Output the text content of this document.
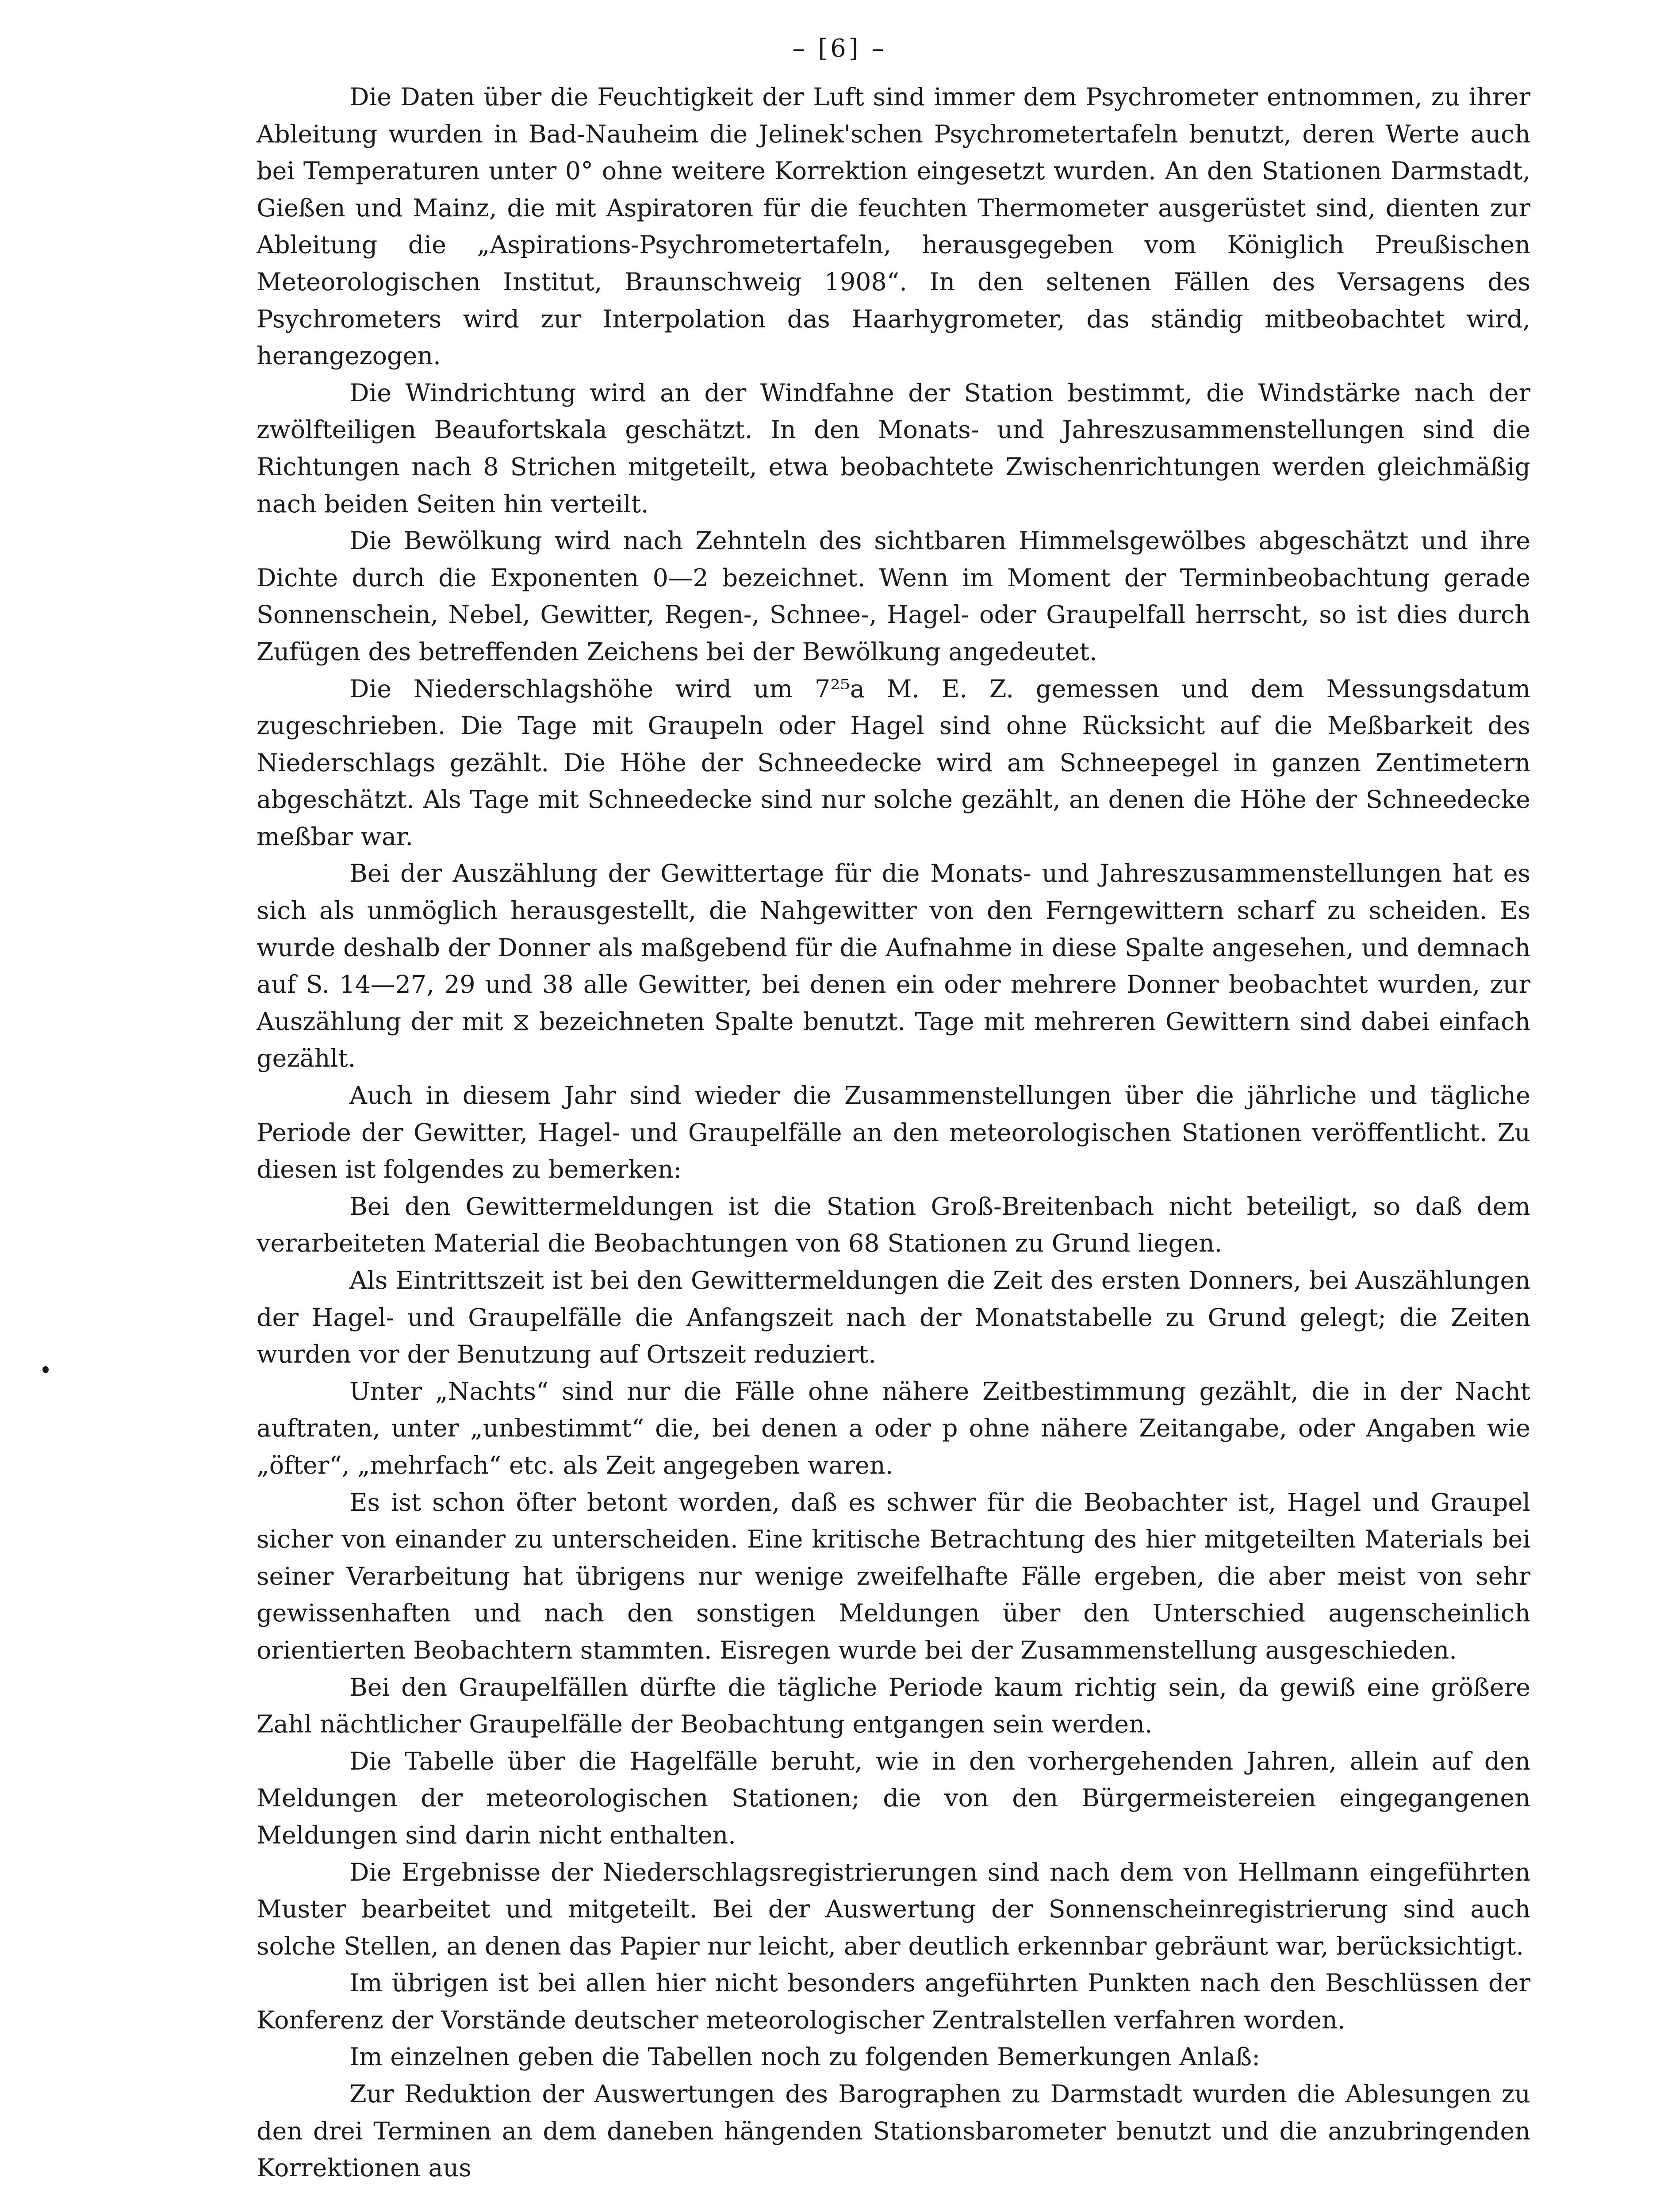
– [6] –

Die Daten über die Feuchtigkeit der Luft sind immer dem Psychrometer entnommen, zu ihrer Ableitung wurden in Bad-Nauheim die Jelinek'schen Psychrometertafeln benutzt, deren Werte auch bei Temperaturen unter 0° ohne weitere Korrektion eingesetzt wurden. An den Stationen Darmstadt, Gießen und Mainz, die mit Aspiratoren für die feuchten Thermometer ausgerüstet sind, dienten zur Ableitung die „Aspirations-Psychrometertafeln, herausgegeben vom Königlich Preußischen Meteorologischen Institut, Braunschweig 1908“. In den seltenen Fällen des Versagens des Psychrometers wird zur Interpolation das Haarhygrometer, das ständig mitbeobachtet wird, herangezogen.

Die Windrichtung wird an der Windfahne der Station bestimmt, die Windstärke nach der zwölfteiligen Beaufortskala geschätzt. In den Monats- und Jahreszusammenstellungen sind die Richtungen nach 8 Strichen mitgeteilt, etwa beobachtete Zwischenrichtungen werden gleichmäßig nach beiden Seiten hin verteilt.

Die Bewölkung wird nach Zehnteln des sichtbaren Himmelsgewölbes abgeschätzt und ihre Dichte durch die Exponenten 0—2 bezeichnet. Wenn im Moment der Terminbeobachtung gerade Sonnenschein, Nebel, Gewitter, Regen-, Schnee-, Hagel- oder Graupelfall herrscht, so ist dies durch Zufügen des betreffenden Zeichens bei der Bewölkung angedeutet.

Die Niederschlagshöhe wird um 7²⁵a M. E. Z. gemessen und dem Messungsdatum zugeschrieben. Die Tage mit Graupeln oder Hagel sind ohne Rücksicht auf die Meßbarkeit des Niederschlags gezählt. Die Höhe der Schneedecke wird am Schneepegel in ganzen Zentimetern abgeschätzt. Als Tage mit Schneedecke sind nur solche gezählt, an denen die Höhe der Schneedecke meßbar war.

Bei der Auszählung der Gewittertage für die Monats- und Jahreszusammenstellungen hat es sich als unmöglich herausgestellt, die Nahgewitter von den Ferngewittern scharf zu scheiden. Es wurde deshalb der Donner als maßgebend für die Aufnahme in diese Spalte angesehen, und demnach auf S. 14—27, 29 und 38 alle Gewitter, bei denen ein oder mehrere Donner beobachtet wurden, zur Auszählung der mit ⧖ bezeichneten Spalte benutzt. Tage mit mehreren Gewittern sind dabei einfach gezählt.

Auch in diesem Jahr sind wieder die Zusammenstellungen über die jährliche und tägliche Periode der Gewitter, Hagel- und Graupelfälle an den meteorologischen Stationen veröffentlicht. Zu diesen ist folgendes zu bemerken:

Bei den Gewittermeldungen ist die Station Groß-Breitenbach nicht beteiligt, so daß dem verarbeiteten Material die Beobachtungen von 68 Stationen zu Grund liegen.

Als Eintrittszeit ist bei den Gewittermeldungen die Zeit des ersten Donners, bei Auszählungen der Hagel- und Graupelfälle die Anfangszeit nach der Monatstabelle zu Grund gelegt; die Zeiten wurden vor der Benutzung auf Ortszeit reduziert.

Unter „Nachts“ sind nur die Fälle ohne nähere Zeitbestimmung gezählt, die in der Nacht auftraten, unter „unbestimmt“ die, bei denen a oder p ohne nähere Zeitangabe, oder Angaben wie „öfter“, „mehrfach“ etc. als Zeit angegeben waren.

Es ist schon öfter betont worden, daß es schwer für die Beobachter ist, Hagel und Graupel sicher von einander zu unterscheiden. Eine kritische Betrachtung des hier mitgeteilten Materials bei seiner Verarbeitung hat übrigens nur wenige zweifelhafte Fälle ergeben, die aber meist von sehr gewissenhaften und nach den sonstigen Meldungen über den Unterschied augenscheinlich orientierten Beobachtern stammten. Eisregen wurde bei der Zusammenstellung ausgeschieden.

Bei den Graupelfällen dürfte die tägliche Periode kaum richtig sein, da gewiß eine größere Zahl nächtlicher Graupelfälle der Beobachtung entgangen sein werden.

Die Tabelle über die Hagelfälle beruht, wie in den vorhergehenden Jahren, allein auf den Meldungen der meteorologischen Stationen; die von den Bürgermeistereien eingegangenen Meldungen sind darin nicht enthalten.

Die Ergebnisse der Niederschlagsregistrierungen sind nach dem von Hellmann eingeführten Muster bearbeitet und mitgeteilt. Bei der Auswertung der Sonnenscheinregistrierung sind auch solche Stellen, an denen das Papier nur leicht, aber deutlich erkennbar gebräunt war, berücksichtigt.

Im übrigen ist bei allen hier nicht besonders angeführten Punkten nach den Beschlüssen der Konferenz der Vorstände deutscher meteorologischer Zentralstellen verfahren worden.

Im einzelnen geben die Tabellen noch zu folgenden Bemerkungen Anlaß:

Zur Reduktion der Auswertungen des Barographen zu Darmstadt wurden die Ablesungen zu den drei Terminen an dem daneben hängenden Stationsbarometer benutzt und die anzubringenden Korrektionen aus
